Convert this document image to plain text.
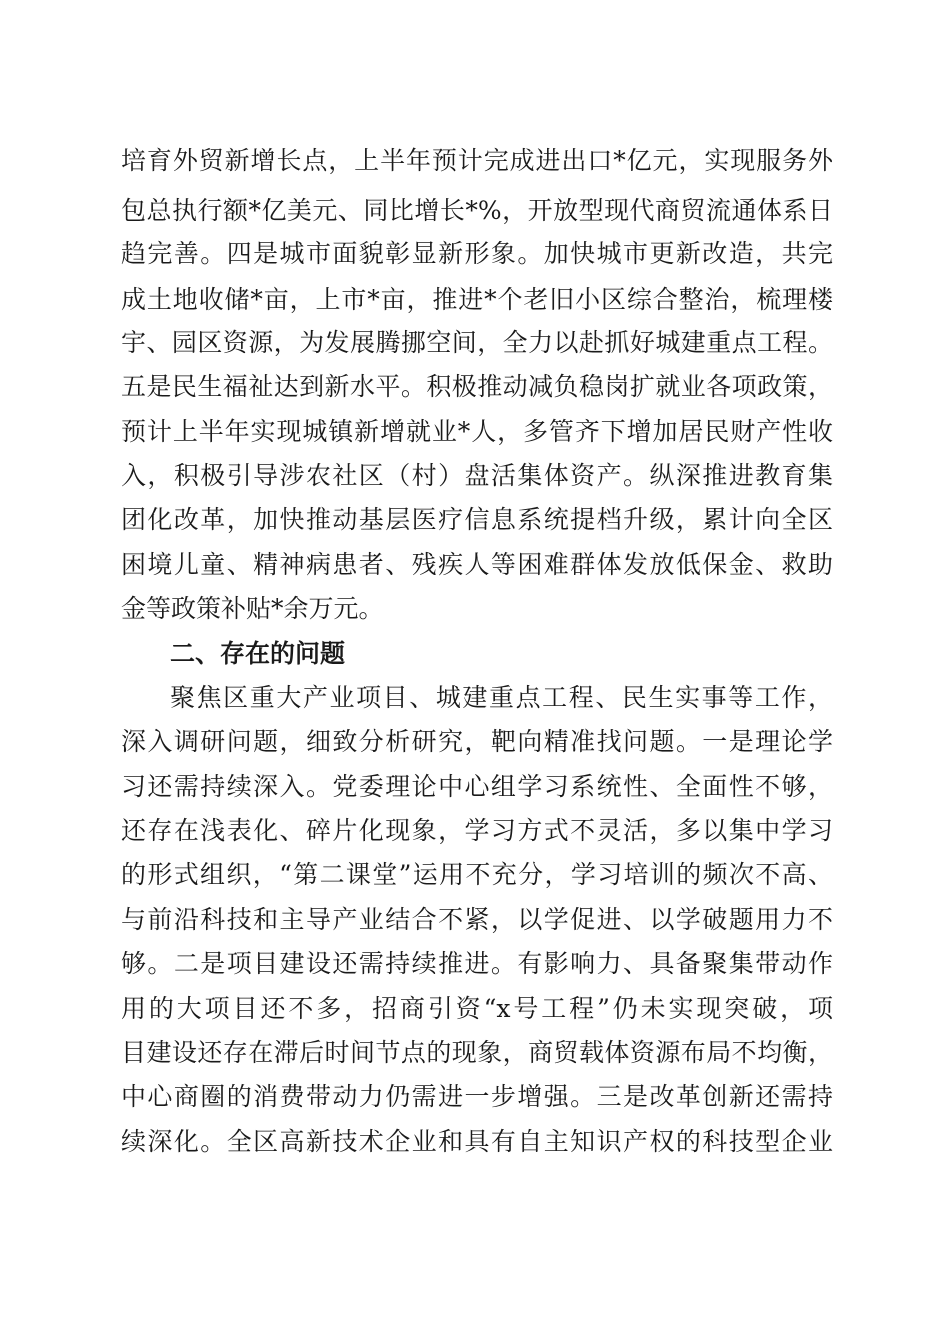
培育外贸新增长点，上半年预计完成进出口*亿元，实现服务外
包总执行额*亿美元、同比增长*%，开放型现代商贸流通体系日
趋完善。四是城市面貌彰显新形象。加快城市更新改造，共完
成土地收储*亩，上市*亩，推进*个老旧小区综合整治，梳理楼
宇、园区资源，为发展腾挪空间，全力以赴抓好城建重点工程。
五是民生福祉达到新水平。积极推动减负稳岗扩就业各项政策，
预计上半年实现城镇新增就业*人，多管齐下增加居民财产性收
入，积极引导涉农社区（村）盘活集体资产。纵深推进教育集
团化改革，加快推动基层医疗信息系统提档升级，累计向全区
困境儿童、精神病患者、残疾人等困难群体发放低保金、救助
金等政策补贴*余万元。
二、存在的问题
聚焦区重大产业项目、城建重点工程、民生实事等工作，
深入调研问题，细致分析研究，靶向精准找问题。一是理论学
习还需持续深入。党委理论中心组学习系统性、全面性不够，
还存在浅表化、碎片化现象，学习方式不灵活，多以集中学习
的形式组织，“第二课堂”运用不充分，学习培训的频次不高、
与前沿科技和主导产业结合不紧，以学促进、以学破题用力不
够。二是项目建设还需持续推进。有影响力、具备聚集带动作
用的大项目还不多，招商引资“x号工程”仍未实现突破，项
目建设还存在滞后时间节点的现象，商贸载体资源布局不均衡，
中心商圈的消费带动力仍需进一步增强。三是改革创新还需持
续深化。全区高新技术企业和具有自主知识产权的科技型企业
